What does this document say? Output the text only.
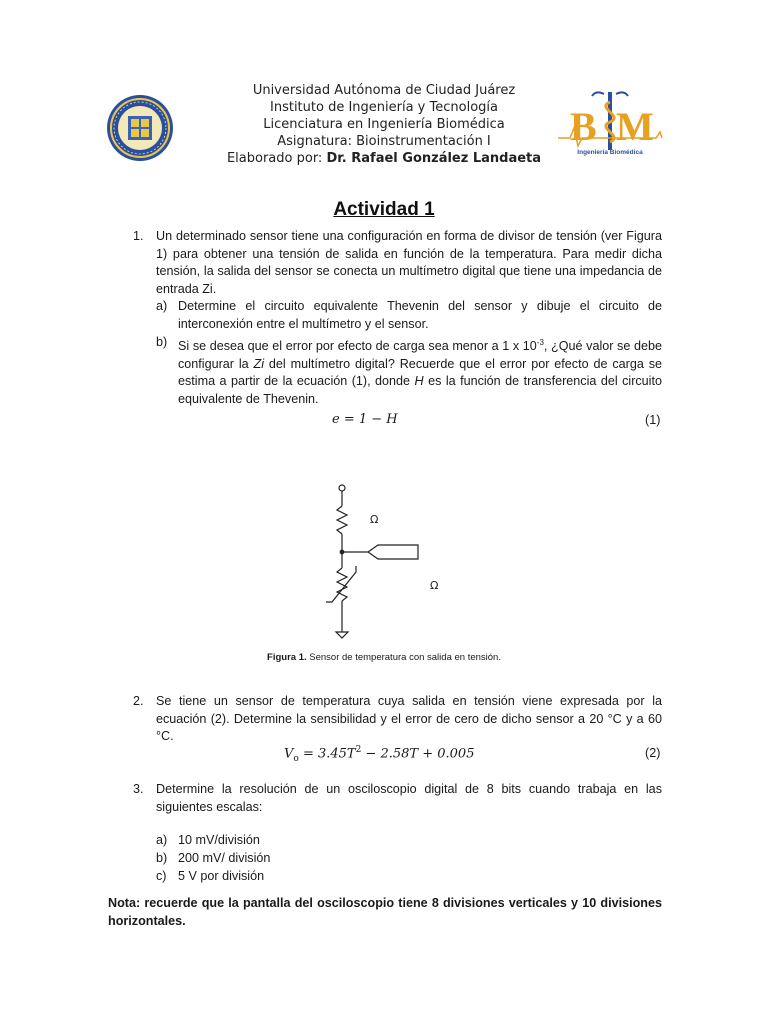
Universidad Autónoma de Ciudad Juárez
Instituto de Ingeniería y Tecnología
Licenciatura en Ingeniería Biomédica
Asignatura: Bioinstrumentación I
Elaborado por: Dr. Rafael González Landaeta
B M
Ingeniería Biomédica
Actividad 1
1. Un determinado sensor tiene una configuración en forma de divisor de tensión (ver Figura 1) para obtener una tensión de salida en función de la temperatura. Para medir dicha tensión, la salida del sensor se conecta un multímetro digital que tiene una impedancia de entrada Zi.
a) Determine el circuito equivalente Thevenin del sensor y dibuje el circuito de interconexión entre el multímetro y el sensor.
b) Si se desea que el error por efecto de carga sea menor a 1 x $10^{-3}$, ¿Qué valor se debe configurar la Zi del multímetro digital? Recuerde que el error por efecto de carga se estima a partir de la ecuación (1), donde H es la función de transferencia del circuito equivalente de Thevenin.
e = 1 − H	(1)
Ω
Ω
Figura 1. Sensor de temperatura con salida en tensión.
2. Se tiene un sensor de temperatura cuya salida en tensión viene expresada por la ecuación (2). Determine la sensibilidad y el error de cero de dicho sensor a 20 °C y a 60 °C.
$V_o = 3.45T^2 - 2.58T + 0.005$	(2)
3. Determine la resolución de un osciloscopio digital de 8 bits cuando trabaja en las siguientes escalas:
a) 10 mV/división
b) 200 mV/ división
c) 5 V por división
Nota: recuerde que la pantalla del osciloscopio tiene 8 divisiones verticales y 10 divisiones horizontales.
